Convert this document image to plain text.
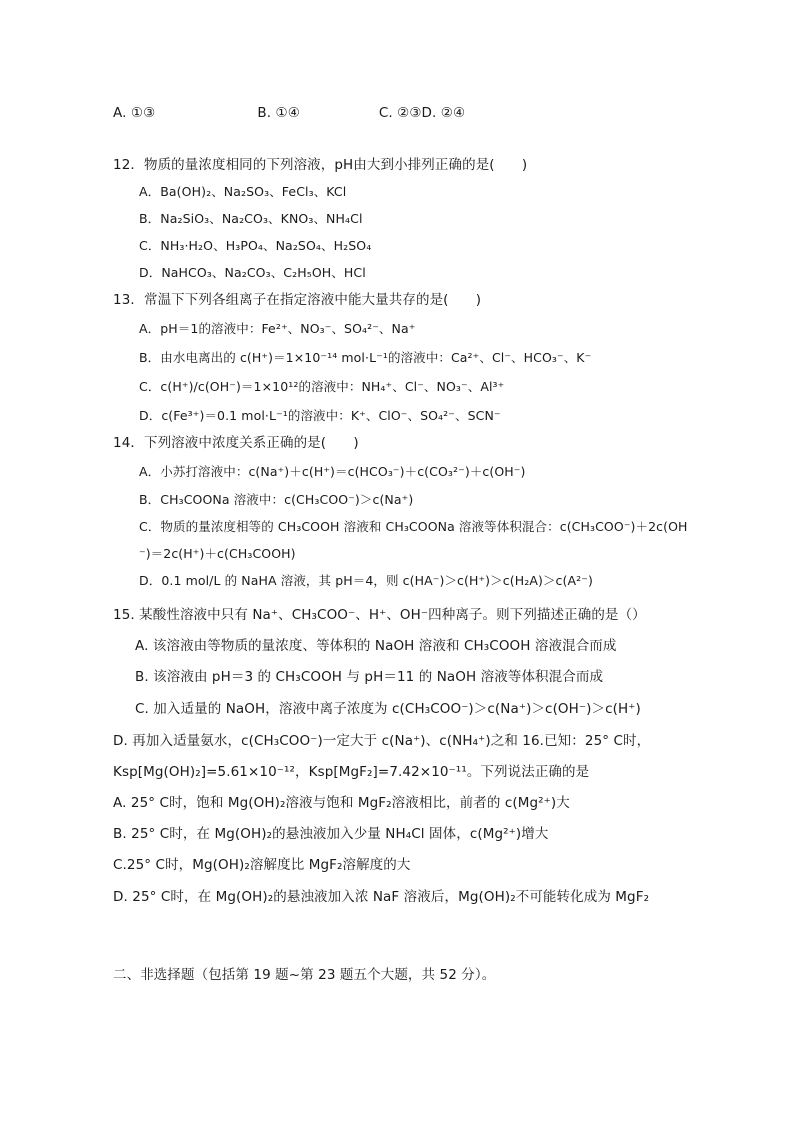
A. ①③	B. ①④	C. ②③D. ②④
12．物质的量浓度相同的下列溶液，pH由大到小排列正确的是(　　)
A．Ba(OH)₂、Na₂SO₃、FeCl₃、KCl
B．Na₂SiO₃、Na₂CO₃、KNO₃、NH₄Cl
C．NH₃·H₂O、H₃PO₄、Na₂SO₄、H₂SO₄
D．NaHCO₃、Na₂CO₃、C₂H₅OH、HCl
13．常温下下列各组离子在指定溶液中能大量共存的是(　　)
A．pH＝1的溶液中：Fe²⁺、NO₃⁻、SO₄²⁻、Na⁺
B．由水电离出的 c(H⁺)＝1×10⁻¹⁴ mol·L⁻¹的溶液中：Ca²⁺、Cl⁻、HCO₃⁻、K⁻
C．c(H⁺)/c(OH⁻)＝1×10¹²的溶液中：NH₄⁺、Cl⁻、NO₃⁻、Al³⁺
D．c(Fe³⁺)＝0.1 mol·L⁻¹的溶液中：K⁺、ClO⁻、SO₄²⁻、SCN⁻
14．下列溶液中浓度关系正确的是(　　)
A．小苏打溶液中：c(Na⁺)＋c(H⁺)＝c(HCO₃⁻)＋c(CO₃²⁻)＋c(OH⁻)
B．CH₃COONa 溶液中：c(CH₃COO⁻)＞c(Na⁺)
C．物质的量浓度相等的 CH₃COOH 溶液和 CH₃COONa 溶液等体积混合：c(CH₃COO⁻)＋2c(OH
⁻)＝2c(H⁺)＋c(CH₃COOH)
D．0.1 mol/L 的 NaHA 溶液，其 pH＝4，则 c(HA⁻)＞c(H⁺)＞c(H₂A)＞c(A²⁻)
15. 某酸性溶液中只有 Na⁺、CH₃COO⁻、H⁺、OH⁻四种离子。则下列描述正确的是（）
A. 该溶液由等物质的量浓度、等体积的 NaOH 溶液和 CH₃COOH 溶液混合而成
B. 该溶液由 pH＝3 的 CH₃COOH 与 pH＝11 的 NaOH 溶液等体积混合而成
C. 加入适量的 NaOH，溶液中离子浓度为 c(CH₃COO⁻)＞c(Na⁺)＞c(OH⁻)＞c(H⁺)
D. 再加入适量氨水，c(CH₃COO⁻)一定大于 c(Na⁺)、c(NH₄⁺)之和 16.已知：25° C时，
Ksp[Mg(OH)₂]=5.61×10⁻¹²，Ksp[MgF₂]=7.42×10⁻¹¹。下列说法正确的是
A. 25° C时，饱和 Mg(OH)₂溶液与饱和 MgF₂溶液相比，前者的 c(Mg²⁺)大
B. 25° C时，在 Mg(OH)₂的悬浊液加入少量 NH₄Cl 固体，c(Mg²⁺)增大
C.25° C时，Mg(OH)₂溶解度比 MgF₂溶解度的大
D. 25° C时，在 Mg(OH)₂的悬浊液加入浓 NaF 溶液后，Mg(OH)₂不可能转化成为 MgF₂
二、非选择题（包括第 19 题~第 23 题五个大题，共 52 分）。
